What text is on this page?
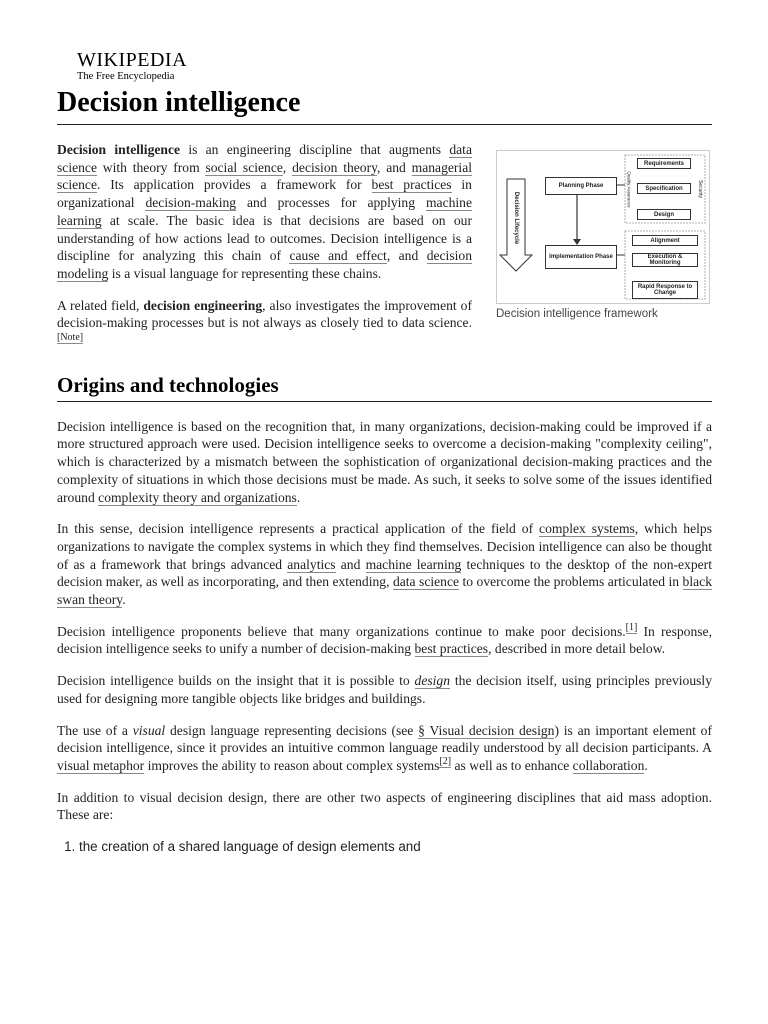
WIKIPEDIA
The Free Encyclopedia
Decision intelligence
Decision Lifecycle
Planning Phase
Implementation Phase
Requirements
Specification
Design
Alignment
Execution & Monitoring
Rapid Response to Change
Quality Assurance	Security
Decision intelligence framework

Decision intelligence is an engineering discipline that augments data science with theory from social science, decision theory, and managerial science. Its application provides a framework for best practices in organizational decision-making and processes for applying machine learning at scale. The basic idea is that decisions are based on our understanding of how actions lead to outcomes. Decision intelligence is a discipline for analyzing this chain of cause and effect, and decision modeling is a visual language for representing these chains.

A related field, decision engineering, also investigates the improvement of decision-making processes but is not always as closely tied to data science.[Note]

Origins and technologies

Decision intelligence is based on the recognition that, in many organizations, decision-making could be improved if a more structured approach were used. Decision intelligence seeks to overcome a decision-making "complexity ceiling", which is characterized by a mismatch between the sophistication of organizational decision-making practices and the complexity of situations in which those decisions must be made. As such, it seeks to solve some of the issues identified around complexity theory and organizations.

In this sense, decision intelligence represents a practical application of the field of complex systems, which helps organizations to navigate the complex systems in which they find themselves. Decision intelligence can also be thought of as a framework that brings advanced analytics and machine learning techniques to the desktop of the non-expert decision maker, as well as incorporating, and then extending, data science to overcome the problems articulated in black swan theory.

Decision intelligence proponents believe that many organizations continue to make poor decisions.[1] In response, decision intelligence seeks to unify a number of decision-making best practices, described in more detail below.

Decision intelligence builds on the insight that it is possible to design the decision itself, using principles previously used for designing more tangible objects like bridges and buildings.

The use of a visual design language representing decisions (see § Visual decision design) is an important element of decision intelligence, since it provides an intuitive common language readily understood by all decision participants. A visual metaphor improves the ability to reason about complex systems[2] as well as to enhance collaboration.

In addition to visual decision design, there are other two aspects of engineering disciplines that aid mass adoption. These are:

1. the creation of a shared language of design elements and
